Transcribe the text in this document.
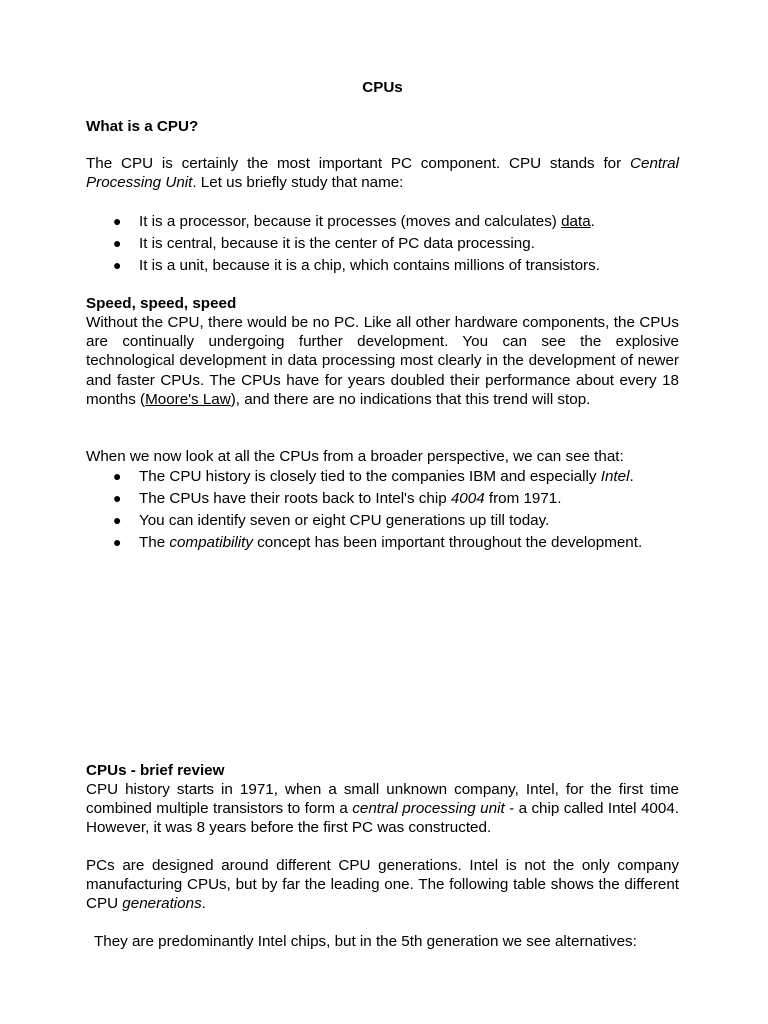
CPUs
What is a CPU?
The CPU is certainly the most important PC component. CPU stands for Central Processing Unit. Let us briefly study that name:
● It is a processor, because it processes (moves and calculates) data.
● It is central, because it is the center of PC data processing.
● It is a unit, because it is a chip, which contains millions of transistors.
Speed, speed, speed
Without the CPU, there would be no PC. Like all other hardware components, the CPUs are continually undergoing further development. You can see the explosive technological development in data processing most clearly in the development of newer and faster CPUs. The CPUs have for years doubled their performance about every 18 months (Moore's Law), and there are no indications that this trend will stop.
When we now look at all the CPUs from a broader perspective, we can see that:
● The CPU history is closely tied to the companies IBM and especially Intel.
● The CPUs have their roots back to Intel's chip 4004 from 1971.
● You can identify seven or eight CPU generations up till today.
● The compatibility concept has been important throughout the development.
CPUs - brief review
CPU history starts in 1971, when a small unknown company, Intel, for the first time combined multiple transistors to form a central processing unit - a chip called Intel 4004. However, it was 8 years before the first PC was constructed.
PCs are designed around different CPU generations. Intel is not the only company manufacturing CPUs, but by far the leading one. The following table shows the different CPU generations.
They are predominantly Intel chips, but in the 5th generation we see alternatives:
